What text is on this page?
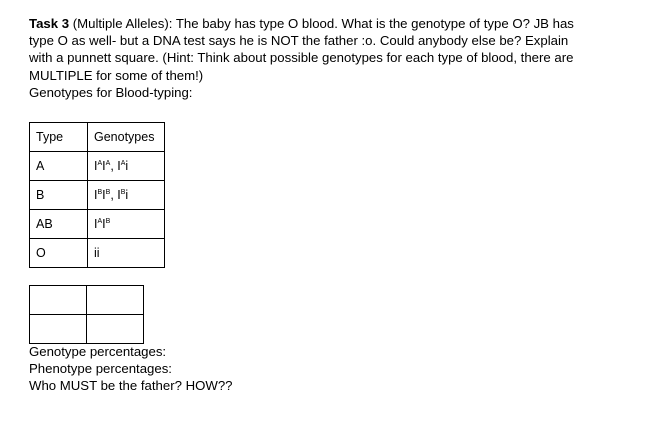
Task 3 (Multiple Alleles): The baby has type O blood. What is the genotype of type O? JB has
type O as well- but a DNA test says he is NOT the father :o. Could anybody else be? Explain
with a punnett square. (Hint: Think about possible genotypes for each type of blood, there are
MULTIPLE for some of them!)

Genotypes for Blood-typing:

Type	Genotypes
A	$I^AI^A$, $I^Ai$
B	$I^BI^B$, $I^Bi$
AB	$I^AI^B$
O	ii

Genotype percentages:

Phenotype percentages:

Who MUST be the father? HOW??
